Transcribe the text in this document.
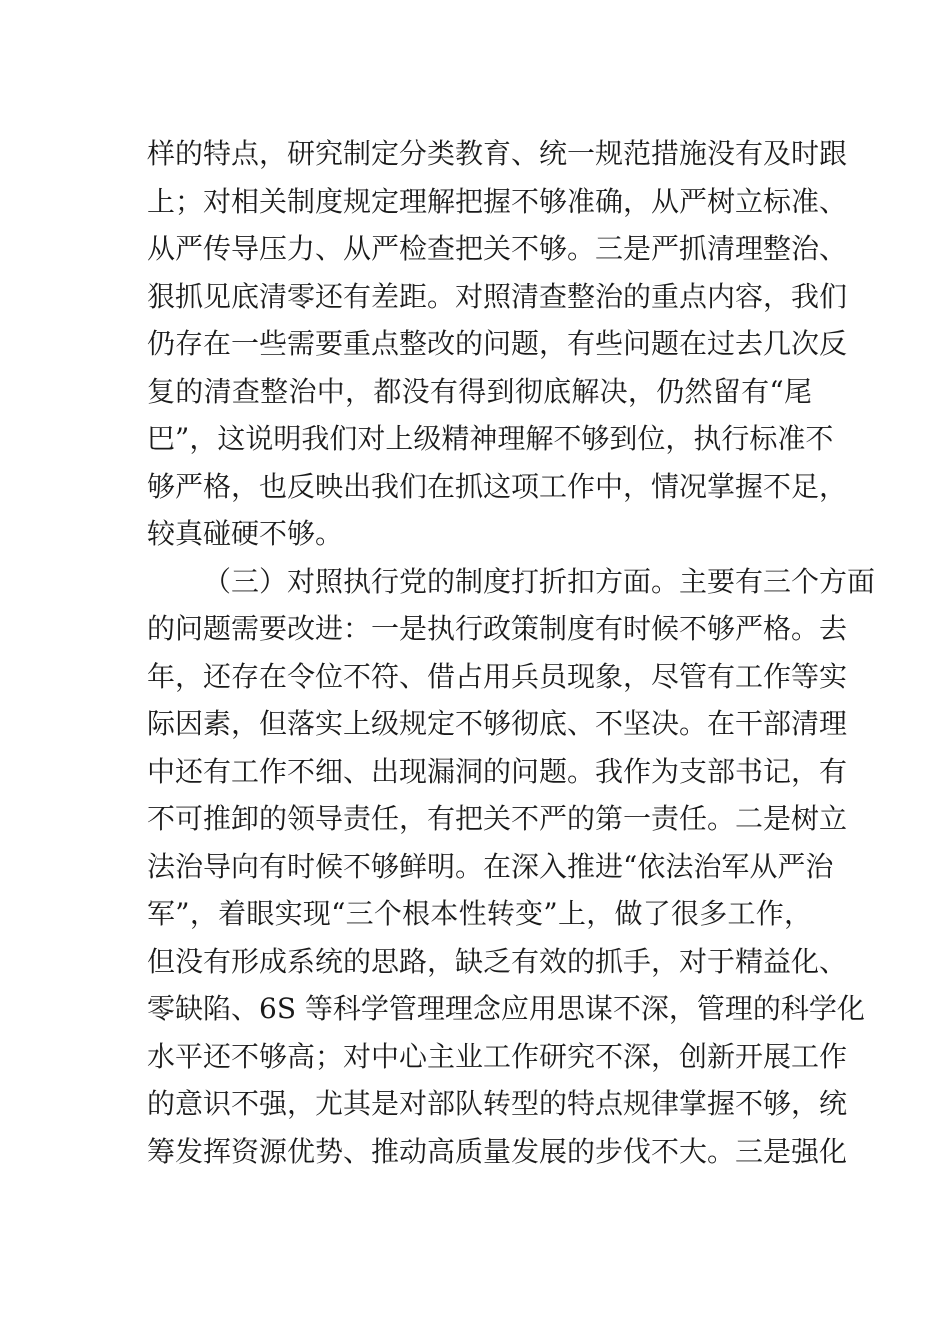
样的特点，研究制定分类教育、统一规范措施没有及时跟
上；对相关制度规定理解把握不够准确，从严树立标准、
从严传导压力、从严检查把关不够。三是严抓清理整治、
狠抓见底清零还有差距。对照清查整治的重点内容，我们
仍存在一些需要重点整改的问题，有些问题在过去几次反
复的清查整治中，都没有得到彻底解决，仍然留有“尾
巴”，这说明我们对上级精神理解不够到位，执行标准不
够严格，也反映出我们在抓这项工作中，情况掌握不足，
较真碰硬不够。
（三）对照执行党的制度打折扣方面。主要有三个方面
的问题需要改进：一是执行政策制度有时候不够严格。去
年，还存在令位不符、借占用兵员现象，尽管有工作等实
际因素，但落实上级规定不够彻底、不坚决。在干部清理
中还有工作不细、出现漏洞的问题。我作为支部书记，有
不可推卸的领导责任，有把关不严的第一责任。二是树立
法治导向有时候不够鲜明。在深入推进“依法治军从严治
军”，着眼实现“三个根本性转变”上，做了很多工作，
但没有形成系统的思路，缺乏有效的抓手，对于精益化、
零缺陷、6S 等科学管理理念应用思谋不深，管理的科学化
水平还不够高；对中心主业工作研究不深，创新开展工作
的意识不强，尤其是对部队转型的特点规律掌握不够，统
筹发挥资源优势、推动高质量发展的步伐不大。三是强化
